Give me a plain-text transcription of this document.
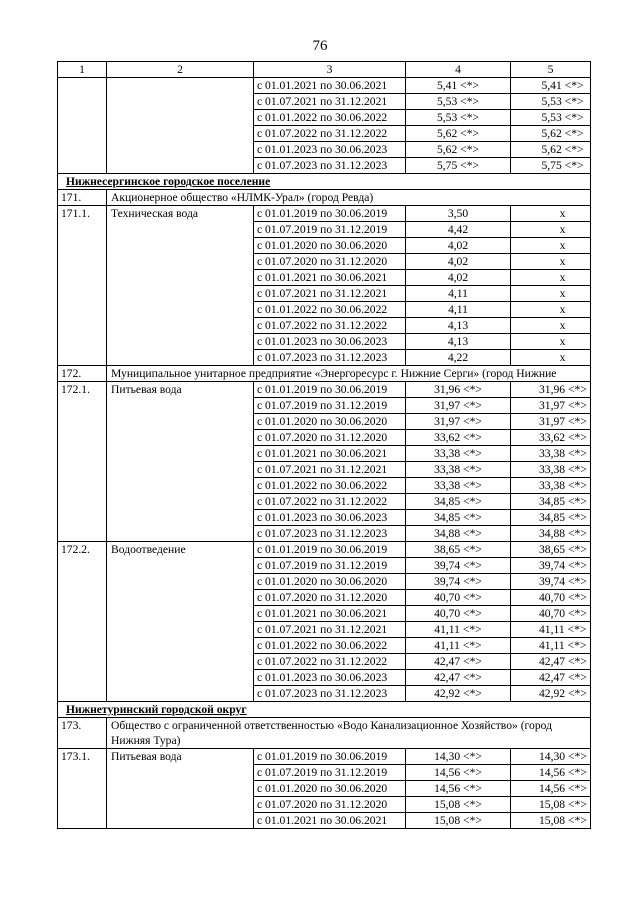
76
1	2	3	4	5
		с 01.01.2021 по 30.06.2021	5,41 <*>	5,41 <*>
		с 01.07.2021 по 31.12.2021	5,53 <*>	5,53 <*>
		с 01.01.2022 по 30.06.2022	5,53 <*>	5,53 <*>
		с 01.07.2022 по 31.12.2022	5,62 <*>	5,62 <*>
		с 01.01.2023 по 30.06.2023	5,62 <*>	5,62 <*>
		с 01.07.2023 по 31.12.2023	5,75 <*>	5,75 <*>
Нижнесергинское городское поселение				
171.	Акционерное общество «НЛМК-Урал» (город Ревда)			
171.1.	Техническая вода	с 01.01.2019 по 30.06.2019	3,50	x
		с 01.07.2019 по 31.12.2019	4,42	x
		с 01.01.2020 по 30.06.2020	4,02	x
		с 01.07.2020 по 31.12.2020	4,02	x
		с 01.01.2021 по 30.06.2021	4,02	x
		с 01.07.2021 по 31.12.2021	4,11	x
		с 01.01.2022 по 30.06.2022	4,11	x
		с 01.07.2022 по 31.12.2022	4,13	x
		с 01.01.2023 по 30.06.2023	4,13	x
		с 01.07.2023 по 31.12.2023	4,22	x
172.	Муниципальное унитарное предприятие «Энергоресурс г. Нижние Серги» (город Нижние			
172.1.	Питьевая вода	с 01.01.2019 по 30.06.2019	31,96 <*>	31,96 <*>
		с 01.07.2019 по 31.12.2019	31,97 <*>	31,97 <*>
		с 01.01.2020 по 30.06.2020	31,97 <*>	31,97 <*>
		с 01.07.2020 по 31.12.2020	33,62 <*>	33,62 <*>
		с 01.01.2021 по 30.06.2021	33,38 <*>	33,38 <*>
		с 01.07.2021 по 31.12.2021	33,38 <*>	33,38 <*>
		с 01.01.2022 по 30.06.2022	33,38 <*>	33,38 <*>
		с 01.07.2022 по 31.12.2022	34,85 <*>	34,85 <*>
		с 01.01.2023 по 30.06.2023	34,85 <*>	34,85 <*>
		с 01.07.2023 по 31.12.2023	34,88 <*>	34,88 <*>
172.2.	Водоотведение	с 01.01.2019 по 30.06.2019	38,65 <*>	38,65 <*>
		с 01.07.2019 по 31.12.2019	39,74 <*>	39,74 <*>
		с 01.01.2020 по 30.06.2020	39,74 <*>	39,74 <*>
		с 01.07.2020 по 31.12.2020	40,70 <*>	40,70 <*>
		с 01.01.2021 по 30.06.2021	40,70 <*>	40,70 <*>
		с 01.07.2021 по 31.12.2021	41,11 <*>	41,11 <*>
		с 01.01.2022 по 30.06.2022	41,11 <*>	41,11 <*>
		с 01.07.2022 по 31.12.2022	42,47 <*>	42,47 <*>
		с 01.01.2023 по 30.06.2023	42,47 <*>	42,47 <*>
		с 01.07.2023 по 31.12.2023	42,92 <*>	42,92 <*>
Нижнетуринский городской округ				
173.	Общество с ограниченной ответственностью «Водо Канализационное Хозяйство» (город Нижняя Тура)			
173.1.	Питьевая вода	с 01.01.2019 по 30.06.2019	14,30 <*>	14,30 <*>
		с 01.07.2019 по 31.12.2019	14,56 <*>	14,56 <*>
		с 01.01.2020 по 30.06.2020	14,56 <*>	14,56 <*>
		с 01.07.2020 по 31.12.2020	15,08 <*>	15,08 <*>
		с 01.01.2021 по 30.06.2021	15,08 <*>	15,08 <*>
